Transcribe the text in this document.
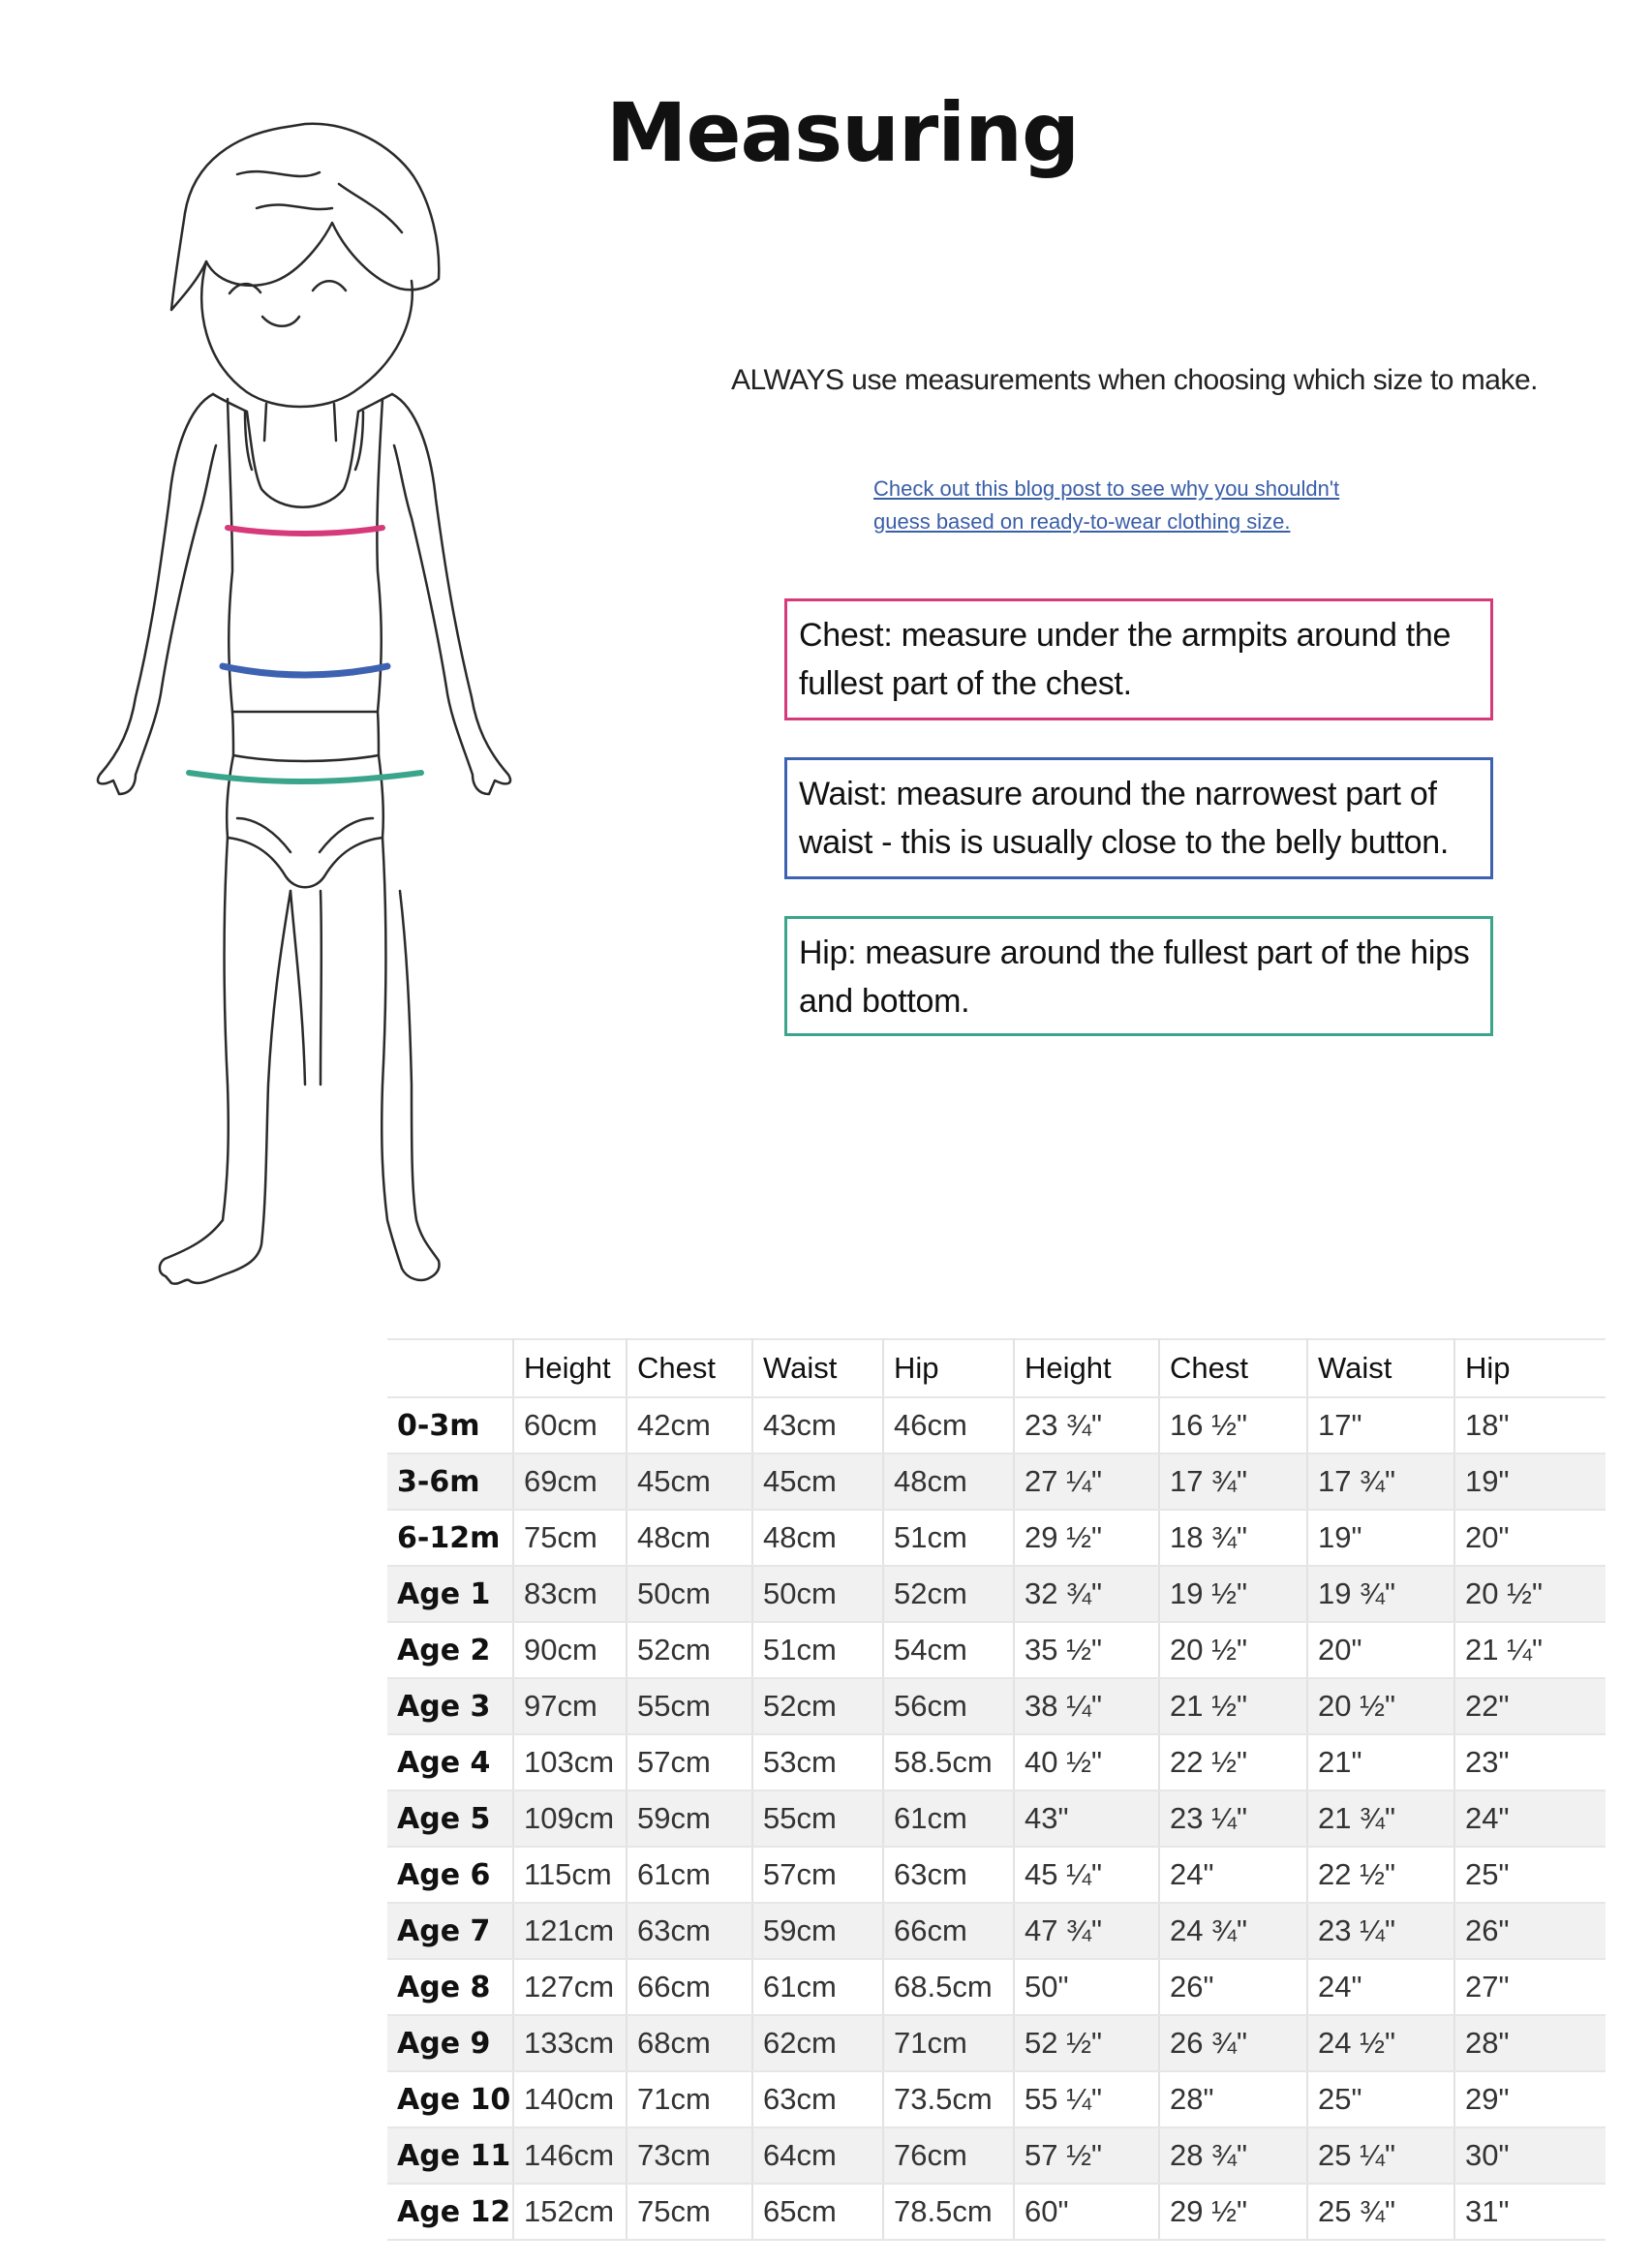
Measuring
ALWAYS use measurements when choosing which size to make.
Check out this blog post to see why you shouldn't
guess based on ready-to-wear clothing size.
Chest: measure under the armpits around the fullest part of the chest.
Waist: measure around the narrowest part of waist - this is usually close to the belly button.
Hip: measure around the fullest part of the hips and bottom.
	Height	Chest	Waist	Hip	Height	Chest	Waist	Hip
0-3m	60cm	42cm	43cm	46cm	23 ¾"	16 ½"	17"	18"
3-6m	69cm	45cm	45cm	48cm	27 ¼"	17 ¾"	17 ¾"	19"
6-12m	75cm	48cm	48cm	51cm	29 ½"	18 ¾"	19"	20"
Age 1	83cm	50cm	50cm	52cm	32 ¾"	19 ½"	19 ¾"	20 ½"
Age 2	90cm	52cm	51cm	54cm	35 ½"	20 ½"	20"	21 ¼"
Age 3	97cm	55cm	52cm	56cm	38 ¼"	21 ½"	20 ½"	22"
Age 4	103cm	57cm	53cm	58.5cm	40 ½"	22 ½"	21"	23"
Age 5	109cm	59cm	55cm	61cm	43"	23 ¼"	21 ¾"	24"
Age 6	115cm	61cm	57cm	63cm	45 ¼"	24"	22 ½"	25"
Age 7	121cm	63cm	59cm	66cm	47 ¾"	24 ¾"	23 ¼"	26"
Age 8	127cm	66cm	61cm	68.5cm	50"	26"	24"	27"
Age 9	133cm	68cm	62cm	71cm	52 ½"	26 ¾"	24 ½"	28"
Age 10	140cm	71cm	63cm	73.5cm	55 ¼"	28"	25"	29"
Age 11	146cm	73cm	64cm	76cm	57 ½"	28 ¾"	25 ¼"	30"
Age 12	152cm	75cm	65cm	78.5cm	60"	29 ½"	25 ¾"	31"
